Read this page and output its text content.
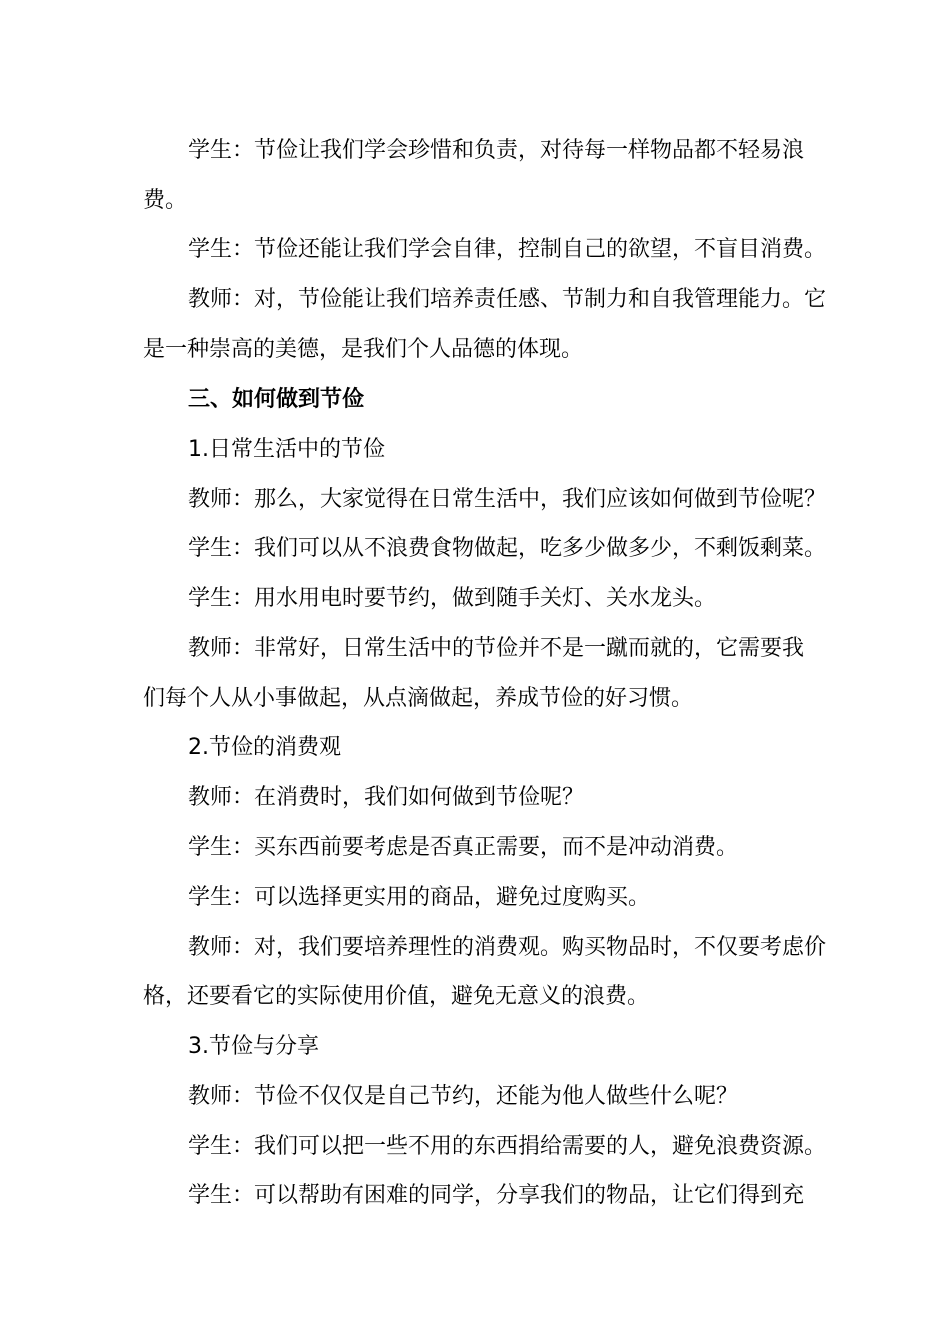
学生：节俭让我们学会珍惜和负责，对待每一样物品都不轻易浪
费。
学生：节俭还能让我们学会自律，控制自己的欲望，不盲目消费。
教师：对，节俭能让我们培养责任感、节制力和自我管理能力。它
是一种崇高的美德，是我们个人品德的体现。
三、如何做到节俭
1.日常生活中的节俭
教师：那么，大家觉得在日常生活中，我们应该如何做到节俭呢？
学生：我们可以从不浪费食物做起，吃多少做多少，不剩饭剩菜。
学生：用水用电时要节约，做到随手关灯、关水龙头。
教师：非常好，日常生活中的节俭并不是一蹴而就的，它需要我
们每个人从小事做起，从点滴做起，养成节俭的好习惯。
2.节俭的消费观
教师：在消费时，我们如何做到节俭呢？
学生：买东西前要考虑是否真正需要，而不是冲动消费。
学生：可以选择更实用的商品，避免过度购买。
教师：对，我们要培养理性的消费观。购买物品时，不仅要考虑价
格，还要看它的实际使用价值，避免无意义的浪费。
3.节俭与分享
教师：节俭不仅仅是自己节约，还能为他人做些什么呢？
学生：我们可以把一些不用的东西捐给需要的人，避免浪费资源。
学生：可以帮助有困难的同学，分享我们的物品，让它们得到充
